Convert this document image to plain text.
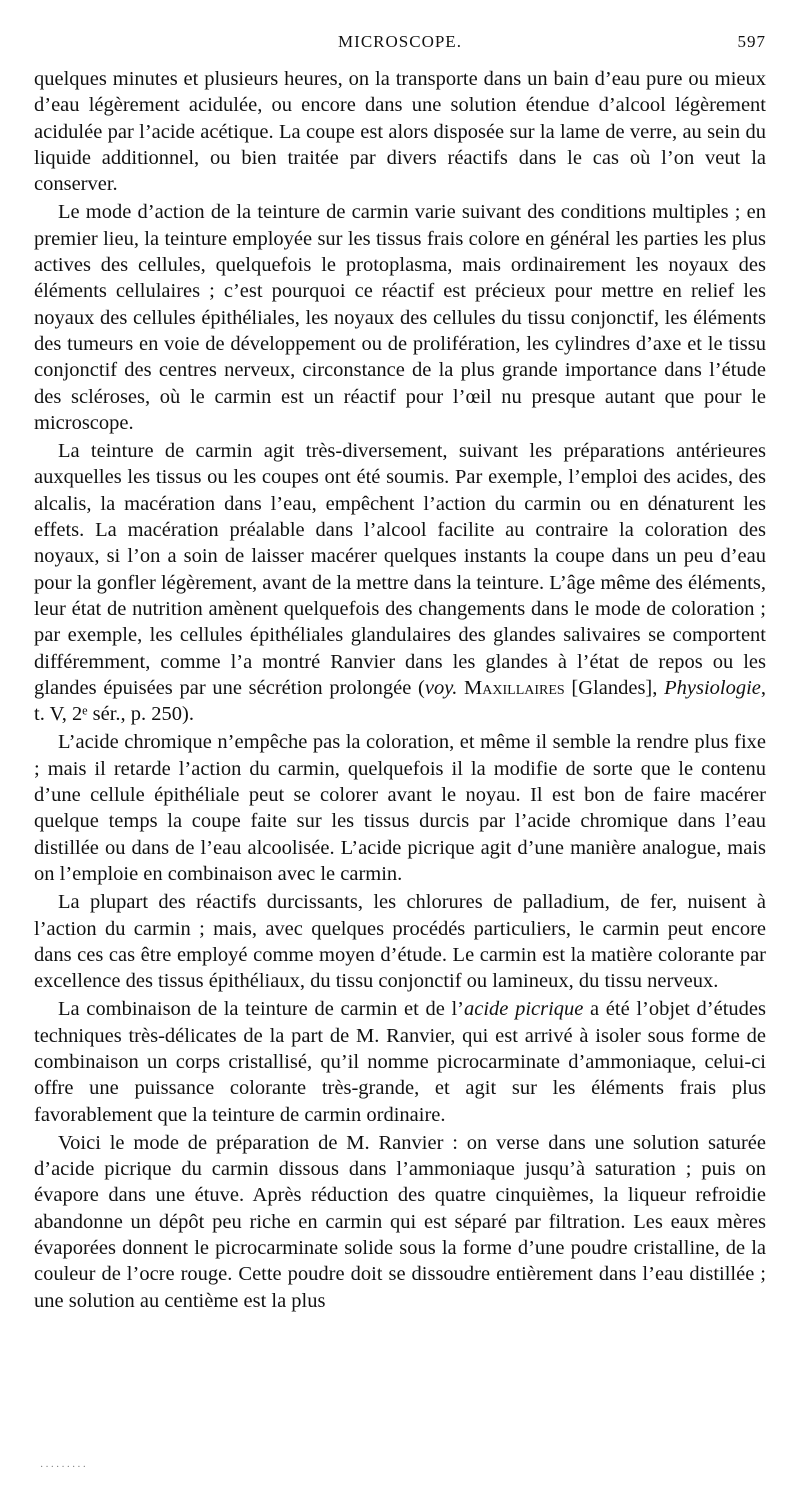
MICROSCOPE.	597

quelques minutes et plusieurs heures, on la transporte dans un bain d’eau pure ou mieux d’eau légèrement acidulée, ou encore dans une solution étendue d’alcool légèrement acidulée par l’acide acétique. La coupe est alors disposée sur la lame de verre, au sein du liquide additionnel, ou bien traitée par divers réactifs dans le cas où l’on veut la conserver.

Le mode d’action de la teinture de carmin varie suivant des conditions multiples ; en premier lieu, la teinture employée sur les tissus frais colore en général les parties les plus actives des cellules, quelquefois le protoplasma, mais ordinairement les noyaux des éléments cellulaires ; c’est pourquoi ce réactif est précieux pour mettre en relief les noyaux des cellules épithéliales, les noyaux des cellules du tissu conjonctif, les éléments des tumeurs en voie de développement ou de prolifération, les cylindres d’axe et le tissu conjonctif des centres nerveux, circonstance de la plus grande importance dans l’étude des scléroses, où le carmin est un réactif pour l’œil nu presque autant que pour le microscope.

La teinture de carmin agit très-diversement, suivant les préparations antérieures auxquelles les tissus ou les coupes ont été soumis. Par exemple, l’emploi des acides, des alcalis, la macération dans l’eau, empêchent l’action du carmin ou en dénaturent les effets. La macération préalable dans l’alcool facilite au contraire la coloration des noyaux, si l’on a soin de laisser macérer quelques instants la coupe dans un peu d’eau pour la gonfler légèrement, avant de la mettre dans la teinture. L’âge même des éléments, leur état de nutrition amènent quelquefois des changements dans le mode de coloration ; par exemple, les cellules épithéliales glandulaires des glandes salivaires se comportent différemment, comme l’a montré Ranvier dans les glandes à l’état de repos ou les glandes épuisées par une sécrétion prolongée (voy. Maxillaires [Glandes], Physiologie, t. V, 2ᵉ sér., p. 250).

L’acide chromique n’empêche pas la coloration, et même il semble la rendre plus fixe ; mais il retarde l’action du carmin, quelquefois il la modifie de sorte que le contenu d’une cellule épithéliale peut se colorer avant le noyau. Il est bon de faire macérer quelque temps la coupe faite sur les tissus durcis par l’acide chromique dans l’eau distillée ou dans de l’eau alcoolisée. L’acide picrique agit d’une manière analogue, mais on l’emploie en combinaison avec le carmin.

La plupart des réactifs durcissants, les chlorures de palladium, de fer, nuisent à l’action du carmin ; mais, avec quelques procédés particuliers, le carmin peut encore dans ces cas être employé comme moyen d’étude. Le carmin est la matière colorante par excellence des tissus épithéliaux, du tissu conjonctif ou lamineux, du tissu nerveux.

La combinaison de la teinture de carmin et de l’acide picrique a été l’objet d’études techniques très-délicates de la part de M. Ranvier, qui est arrivé à isoler sous forme de combinaison un corps cristallisé, qu’il nomme picrocarminate d’ammoniaque, celui-ci offre une puissance colorante très-grande, et agit sur les éléments frais plus favorablement que la teinture de carmin ordinaire.

Voici le mode de préparation de M. Ranvier : on verse dans une solution saturée d’acide picrique du carmin dissous dans l’ammoniaque jusqu’à saturation ; puis on évapore dans une étuve. Après réduction des quatre cinquièmes, la liqueur refroidie abandonne un dépôt peu riche en carmin qui est séparé par filtration. Les eaux mères évaporées donnent le picrocarminate solide sous la forme d’une poudre cristalline, de la couleur de l’ocre rouge. Cette poudre doit se dissoudre entièrement dans l’eau distillée ; une solution au centième est la plus

·········
